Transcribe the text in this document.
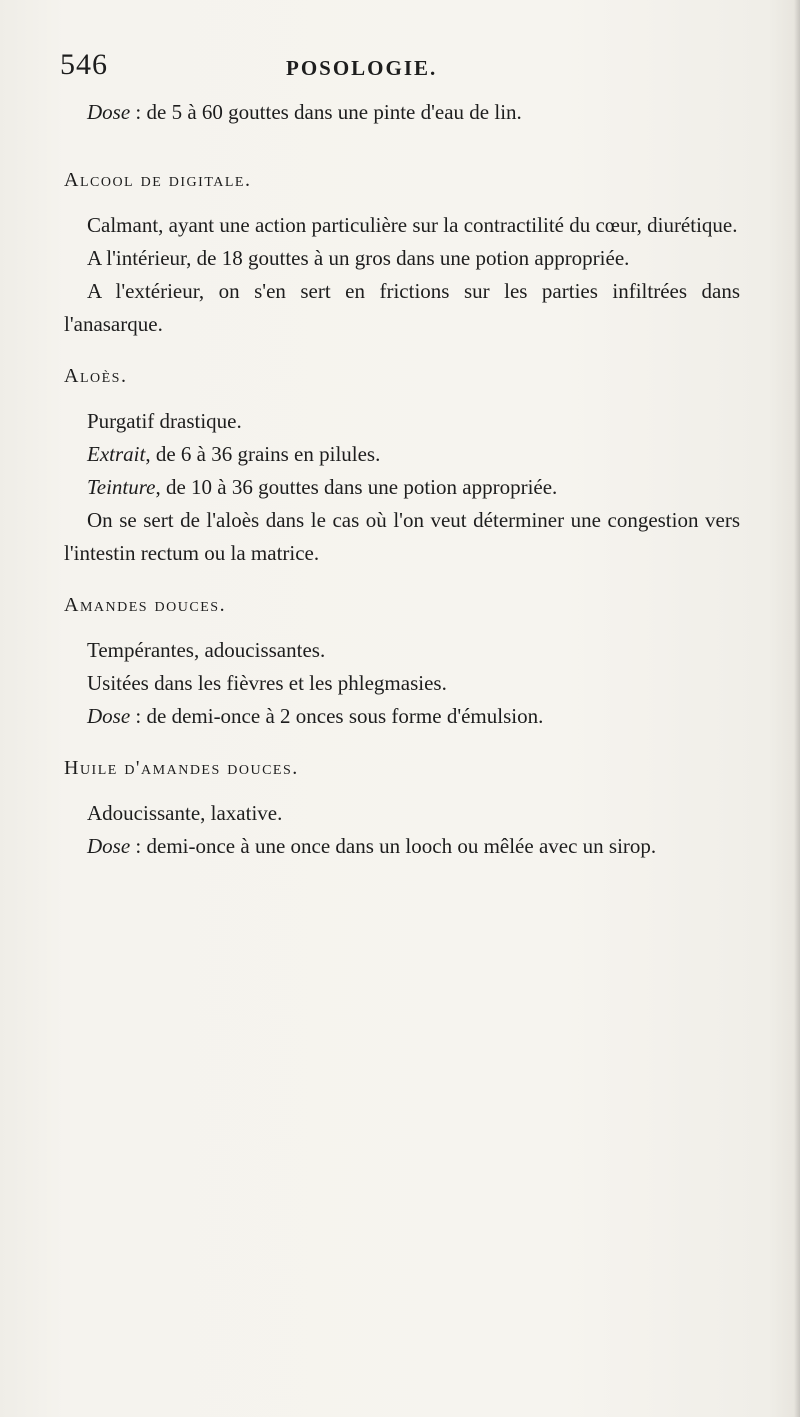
546	POSOLOGIE.

Dose : de 5 à 60 gouttes dans une pinte d'eau de lin.

Alcool de digitale.

Calmant, ayant une action particulière sur la contractilité du cœur, diurétique.

A l'intérieur, de 18 gouttes à un gros dans une potion appropriée.

A l'extérieur, on s'en sert en frictions sur les parties infiltrées dans l'anasarque.

Aloès.

Purgatif drastique.

Extrait, de 6 à 36 grains en pilules.

Teinture, de 10 à 36 gouttes dans une potion appropriée.

On se sert de l'aloès dans le cas où l'on veut déterminer une congestion vers l'intestin rectum ou la matrice.

Amandes douces.

Tempérantes, adoucissantes.

Usitées dans les fièvres et les phlegmasies.

Dose : de demi-once à 2 onces sous forme d'émulsion.

Huile d'amandes douces.

Adoucissante, laxative.

Dose : demi-once à une once dans un looch ou mêlée avec un sirop.
